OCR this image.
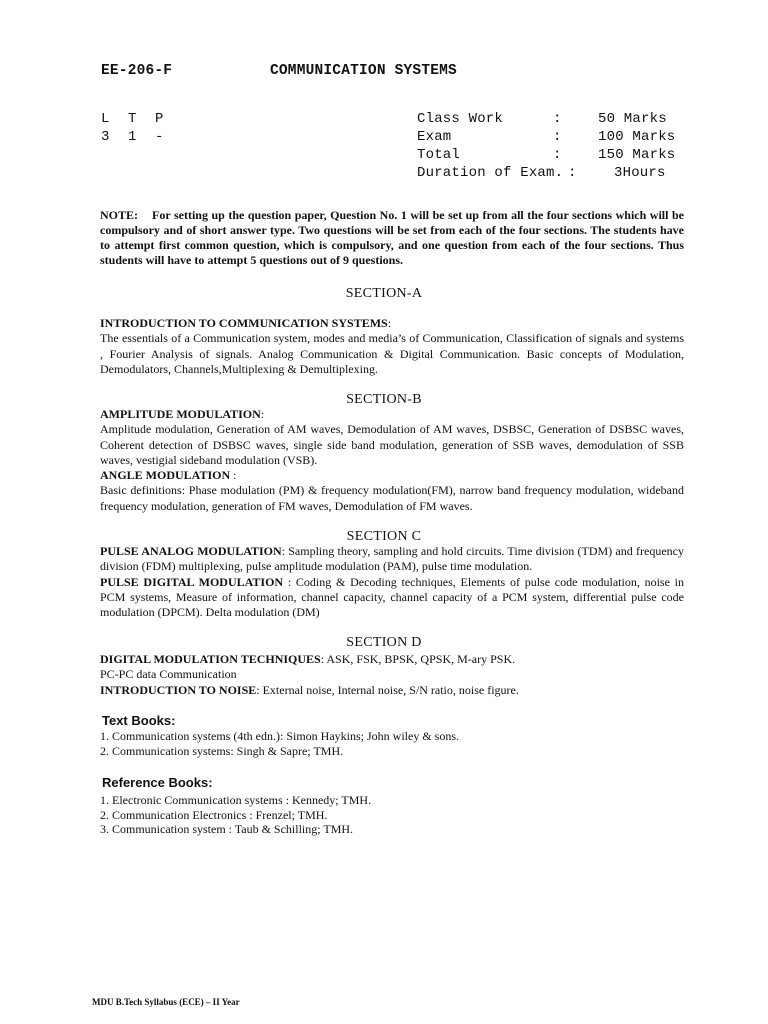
EE-206-F	COMMUNICATION SYSTEMS
L T P
3 1 -
Class Work	:	50 Marks
Exam	:	100 Marks
Total	:	150 Marks
Duration of Exam. :	3Hours
NOTE: For setting up the question paper, Question No. 1 will be set up from all the four sections which will be compulsory and of short answer type. Two questions will be set from each of the four sections. The students have to attempt first common question, which is compulsory, and one question from each of the four sections. Thus students will have to attempt 5 questions out of 9 questions.
SECTION-A
INTRODUCTION TO COMMUNICATION SYSTEMS:
The essentials of a Communication system, modes and media’s of Communication, Classification of signals and systems , Fourier Analysis of signals. Analog Communication & Digital Communication. Basic concepts of Modulation, Demodulators, Channels,Multiplexing & Demultiplexing.
SECTION-B
AMPLITUDE MODULATION:
Amplitude modulation, Generation of AM waves, Demodulation of AM waves, DSBSC, Generation of DSBSC waves, Coherent detection of DSBSC waves, single side band modulation, generation of SSB waves, demodulation of SSB waves, vestigial sideband modulation (VSB).
ANGLE MODULATION :
Basic definitions: Phase modulation (PM) & frequency modulation(FM), narrow band frequency modulation, wideband frequency modulation, generation of FM waves, Demodulation of FM waves.
SECTION C
PULSE ANALOG MODULATION: Sampling theory, sampling and hold circuits. Time division (TDM) and frequency division (FDM) multiplexing, pulse amplitude modulation (PAM), pulse time modulation.
PULSE DIGITAL MODULATION : Coding & Decoding techniques, Elements of pulse code modulation, noise in PCM systems, Measure of information, channel capacity, channel capacity of a PCM system, differential pulse code modulation (DPCM). Delta modulation (DM)
SECTION D
DIGITAL MODULATION TECHNIQUES: ASK, FSK, BPSK, QPSK, M-ary PSK.
PC-PC data Communication
INTRODUCTION TO NOISE: External noise, Internal noise, S/N ratio, noise figure.
Text Books:
1. Communication systems (4th edn.): Simon Haykins; John wiley & sons.
2. Communication systems: Singh & Sapre; TMH.
Reference Books:
1. Electronic Communication systems : Kennedy; TMH.
2. Communication Electronics : Frenzel; TMH.
3. Communication system : Taub & Schilling; TMH.
MDU B.Tech Syllabus (ECE) – II Year
